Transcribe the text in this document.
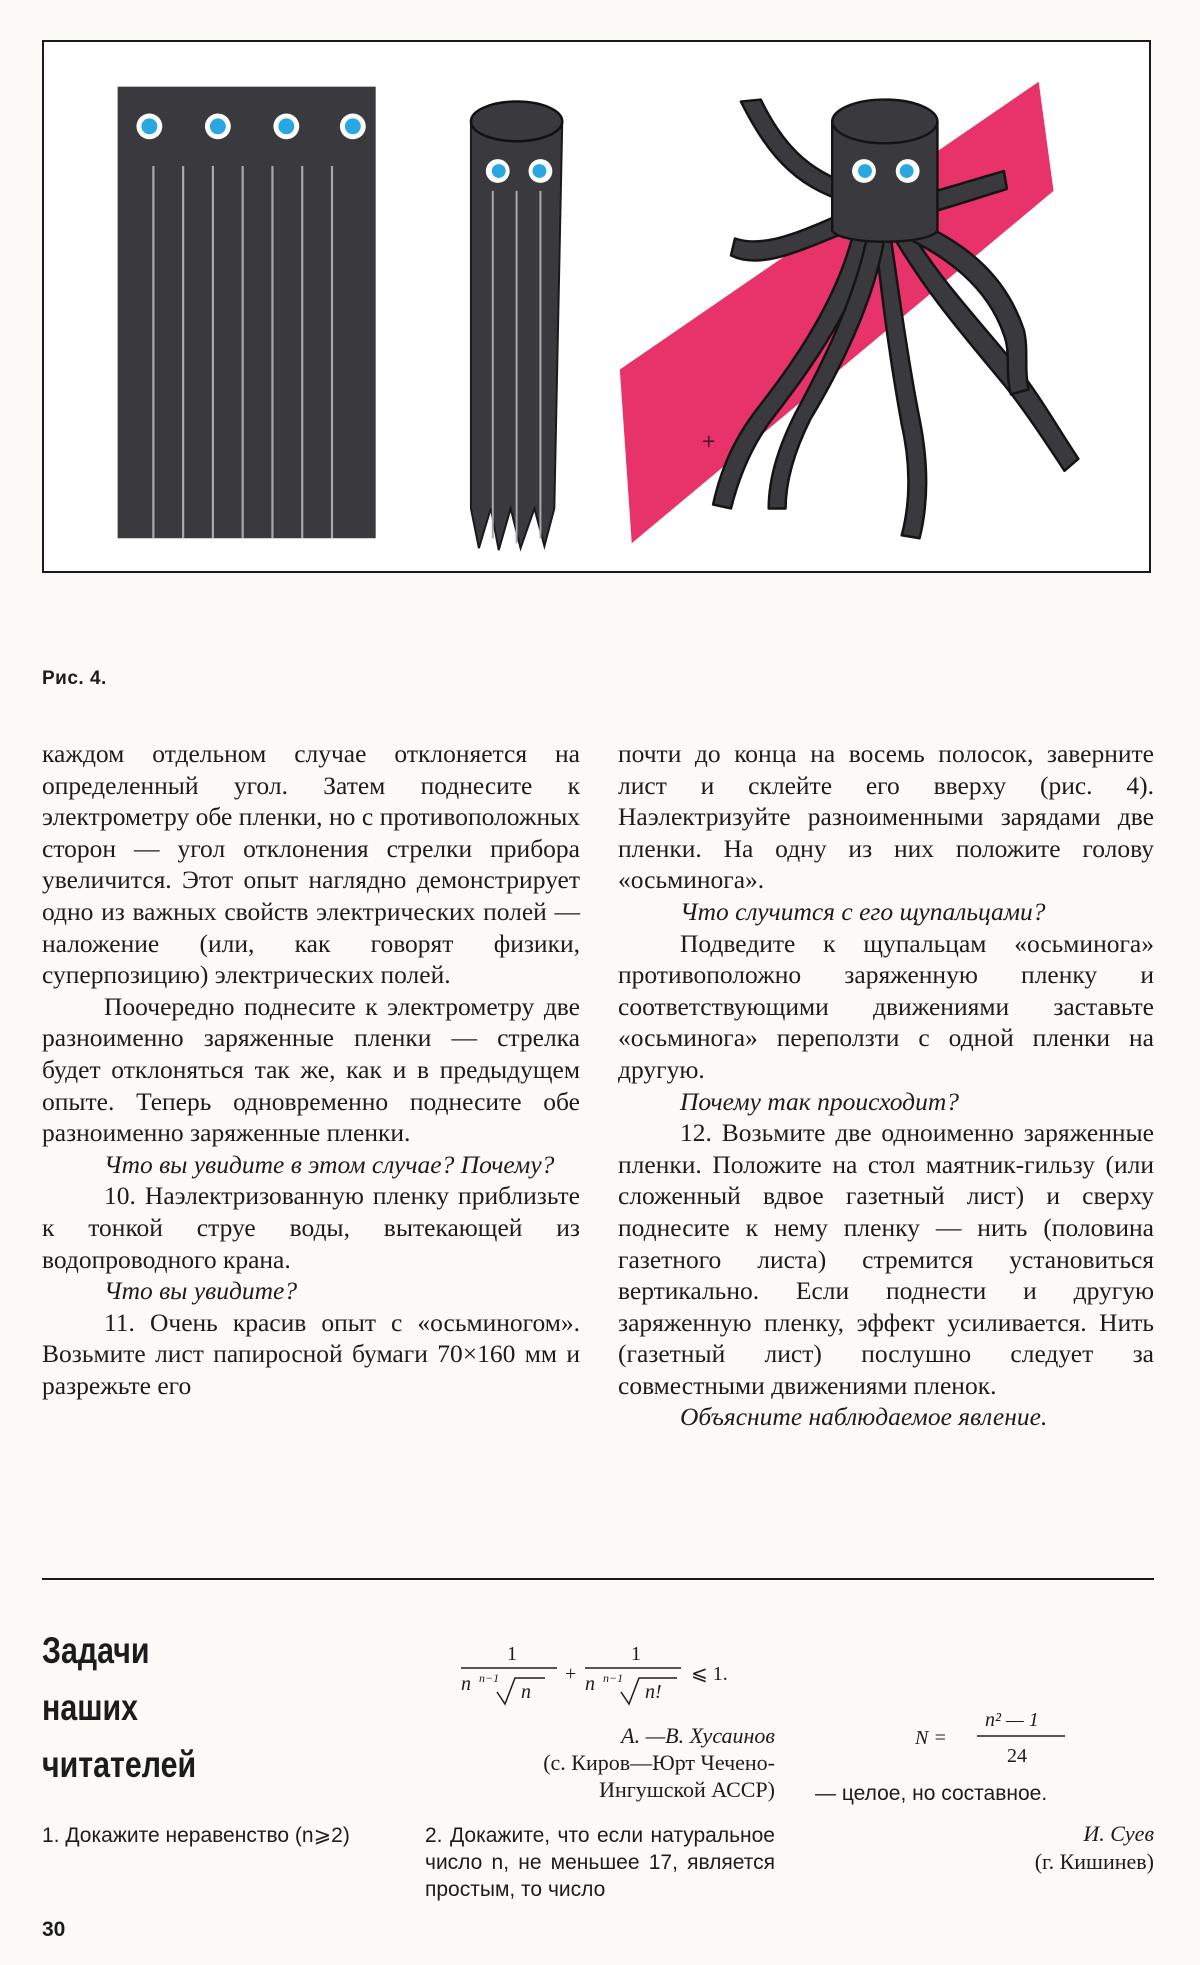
+
Рис. 4.

каждом отдельном случае отклоняется на определенный угол. Затем поднесите к электрометру обе пленки, но с противоположных сторон — угол отклонения стрелки прибора увеличится. Этот опыт наглядно демонстрирует одно из важных свойств электрических полей — наложение (или, как говорят физики, суперпозицию) электрических полей.

Поочередно поднесите к электрометру две разноименно заряженные пленки — стрелка будет отклоняться так же, как и в предыдущем опыте. Теперь одновременно поднесите обе разноименно заряженные пленки.

Что вы увидите в этом случае? Почему?

10. Наэлектризованную пленку приблизьте к тонкой струе воды, вытекающей из водопроводного крана.

Что вы увидите?

11. Очень красив опыт с «осьминогом». Возьмите лист папиросной бумаги 70×160 мм и разрежьте его

почти до конца на восемь полосок, заверните лист и склейте его вверху (рис. 4). Наэлектризуйте разноименными зарядами две пленки. На одну из них положите голову «осьминога».

Что случится с его щупальцами?

Подведите к щупальцам «осьминога» противоположно заряженную пленку и соответствующими движениями заставьте «осьминога» переползти с одной пленки на другую.

Почему так происходит?

12. Возьмите две одноименно заряженные пленки. Положите на стол маятник-гильзу (или сложенный вдвое газетный лист) и сверху поднесите к нему пленку — нить (половина газетного листа) стремится установиться вертикально. Если поднести и другую заряженную пленку, эффект усиливается. Нить (газетный лист) послушно следует за совместными движениями пленок.

Объясните наблюдаемое явление.

Задачи
наших
читателей
1. Докажите неравенство (n⩾2)
1
n n−1
n
+
1
n n−1
n!
⩽ 1.
А. —В. Хусаинов
(с. Киров—Юрт Чечено-
Ингушской АССР)
2. Докажите, что если натуральное число n, не меньшее 17, является простым, то число
N =
n² — 1
24
— целое, но составное.
И. Суев
(г. Кишинев)
30
